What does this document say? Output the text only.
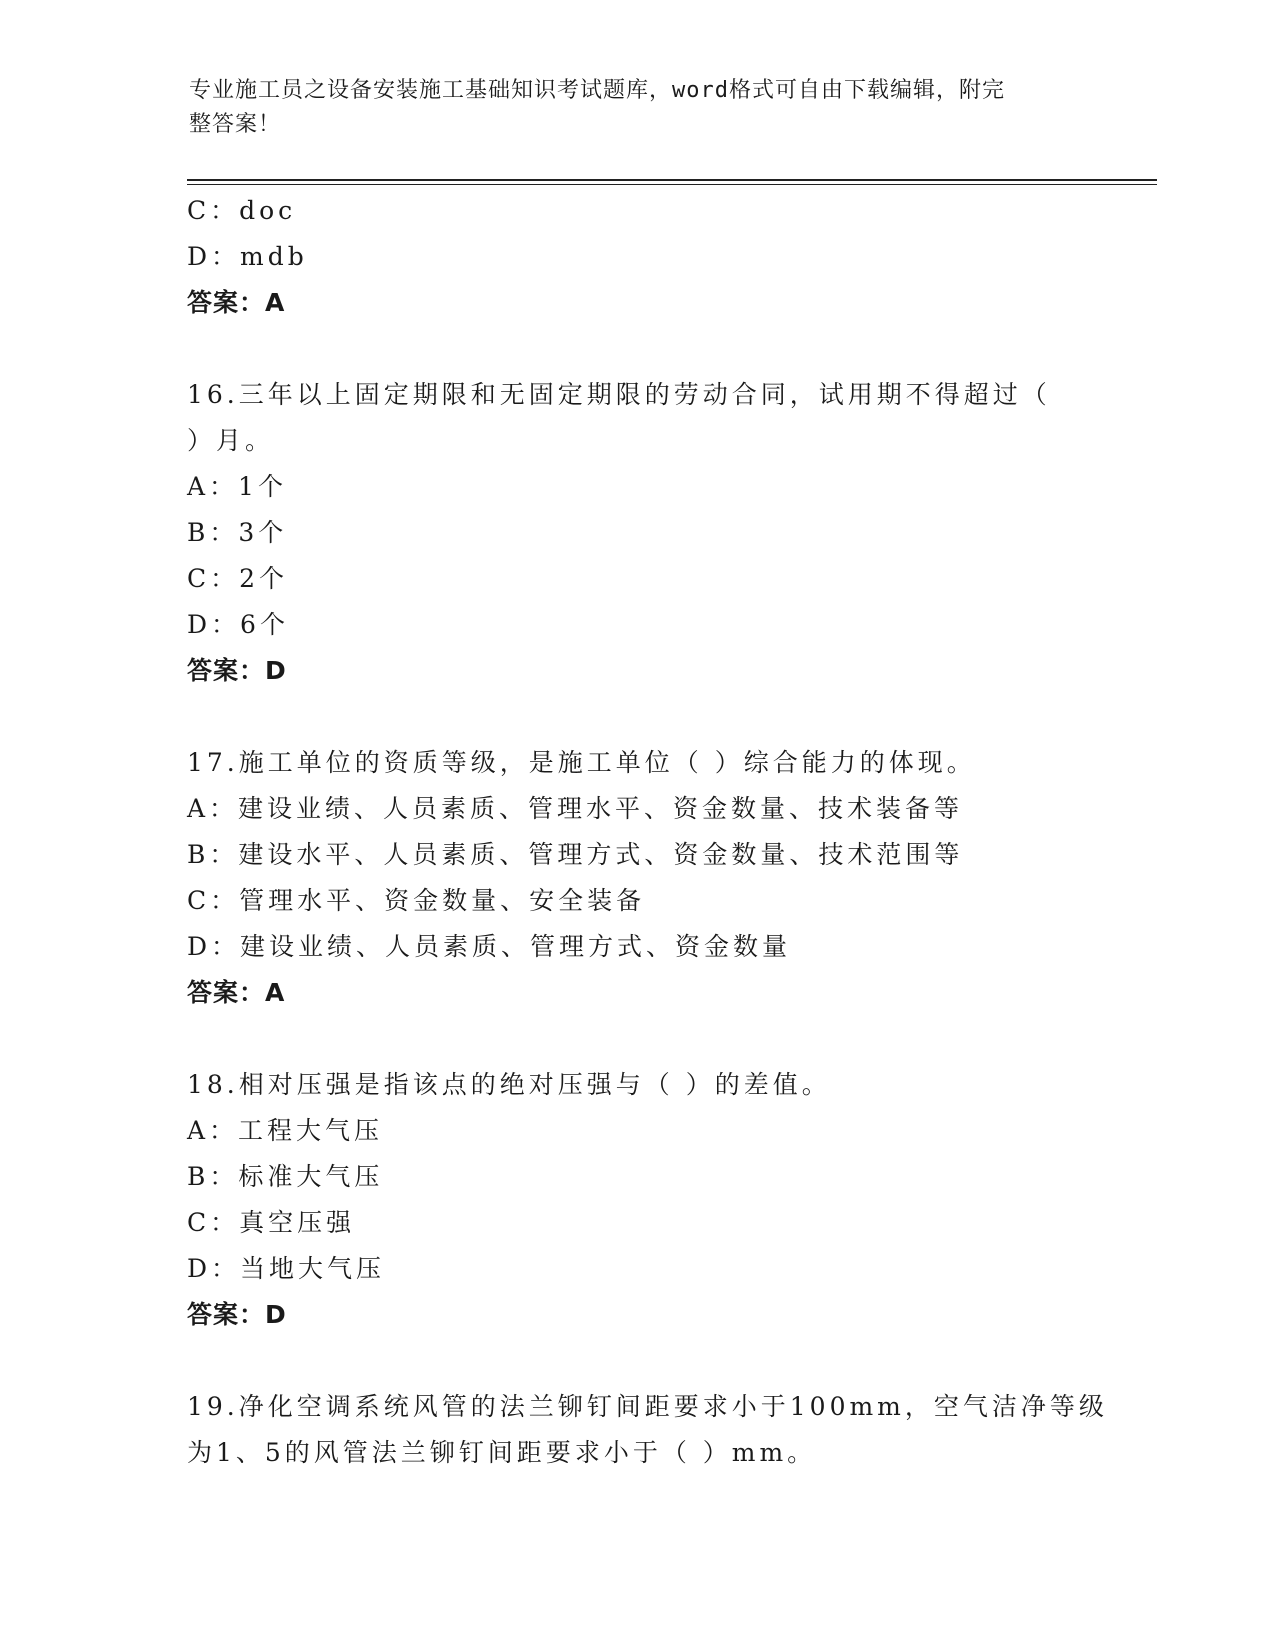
专业施工员之设备安装施工基础知识考试题库，word格式可自由下载编辑，附完
整答案！
C：doc
D：mdb
答案：A
16.三年以上固定期限和无固定期限的劳动合同，试用期不得超过（
）月。
A：1个
B：3个
C：2个
D：6个
答案：D
17.施工单位的资质等级，是施工单位（ ）综合能力的体现。
A：建设业绩、人员素质、管理水平、资金数量、技术装备等
B：建设水平、人员素质、管理方式、资金数量、技术范围等
C：管理水平、资金数量、安全装备
D：建设业绩、人员素质、管理方式、资金数量
答案：A
18.相对压强是指该点的绝对压强与（ ）的差值。
A：工程大气压
B：标准大气压
C：真空压强
D：当地大气压
答案：D
19.净化空调系统风管的法兰铆钉间距要求小于100mm，空气洁净等级
为1、5的风管法兰铆钉间距要求小于（ ）mm。
